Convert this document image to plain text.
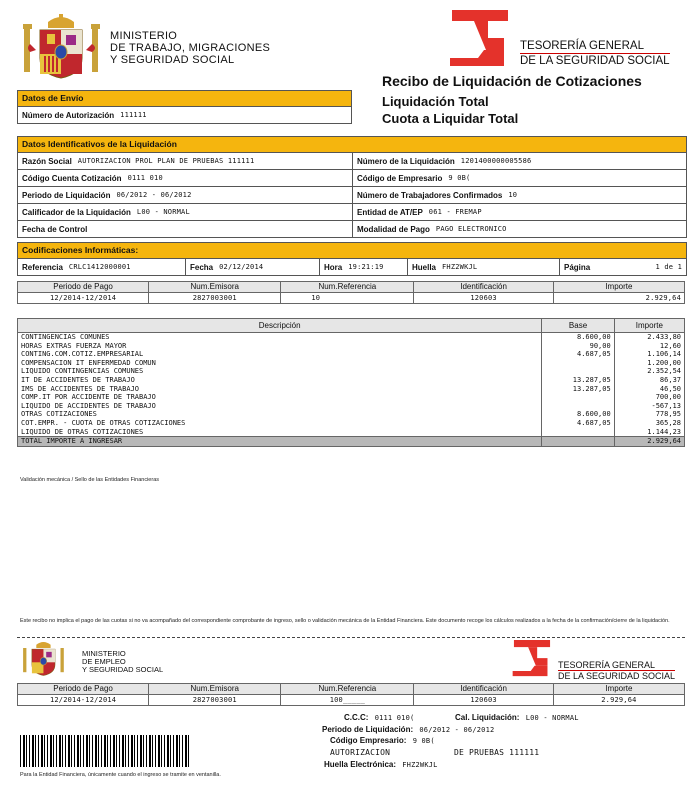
MINISTERIO
DE TRABAJO, MIGRACIONES
Y SEGURIDAD SOCIAL
TESORERÍA GENERAL
DE LA SEGURIDAD SOCIAL
Recibo de Liquidación de Cotizaciones
Liquidación Total
Cuota a Liquidar Total
Datos de Envío
Número de Autorización 111111
Datos Identificativos de la Liquidación
Razón Social AUTORIZACION PROL PLAN DE PRUEBAS 111111	Número de la Liquidación 1201400000005586
Código Cuenta Cotización 0111 010	Código de Empresario 9 0B(
Periodo de Liquidación 06/2012 - 06/2012	Número de Trabajadores Confirmados 10
Calificador de la Liquidación L00 - NORMAL	Entidad de AT/EP 061 - FREMAP
Fecha de Control	Modalidad de Pago PAGO ELECTRONICO
Codificaciones Informáticas:
Referencia CRLC1412000001	Fecha 02/12/2014	Hora 19:21:19	Huella FHZ2WKJL	Página	1 de 1
Periodo de Pago	Num.Emisora	Num.Referencia	Identificación	Importe
12/2014-12/2014	2827003001	10	120603	2.929,64
Descripción	Base	Importe
CONTINGENCIAS COMUNES	8.600,00	2.433,80
HORAS EXTRAS FUERZA MAYOR	90,00	12,60
CONTING.COM.COTIZ.EMPRESARIAL	4.687,05	1.106,14
COMPENSACION IT ENFERMEDAD COMUN		1.200,00
LIQUIDO CONTINGENCIAS COMUNES		2.352,54
IT DE ACCIDENTES DE TRABAJO	13.287,05	86,37
IMS DE ACCIDENTES DE TRABAJO	13.287,05	46,50
COMP.IT POR ACCIDENTE DE TRABAJO		700,00
LIQUIDO DE ACCIDENTES DE TRABAJO		-567,13
OTRAS COTIZACIONES	8.600,00	778,95
COT.EMPR. - CUOTA DE OTRAS COTIZACIONES	4.687,05	365,28
LIQUIDO DE OTRAS COTIZACIONES		1.144,23
TOTAL IMPORTE A INGRESAR		2.929,64
Validación mecánica / Sello de las Entidades Financieras
Este recibo no implica el pago de las cuotas si no va acompañado del correspondiente comprobante de ingreso, sello o validación mecánica de la Entidad Financiera. Este documento recoge los cálculos realizados a la fecha de la confirmación/cierre de la liquidación.
MINISTERIO
DE EMPLEO
Y SEGURIDAD SOCIAL	TESORERÍA GENERAL
DE LA SEGURIDAD SOCIAL
Periodo de Pago	Num.Emisora	Num.Referencia	Identificación	Importe
12/2014-12/2014	2827003001	100_____	120603	2.929,64
C.C.C: 0111 010(	Cal. Liquidación: L00 - NORMAL
Periodo de Liquidación: 06/2012 - 06/2012
Código Empresario: 9 0B(
AUTORIZACION	DE PRUEBAS 111111
Huella Electrónica: FHZ2WKJL
Para la Entidad Financiera, únicamente cuando el ingreso se tramite en ventanilla.
